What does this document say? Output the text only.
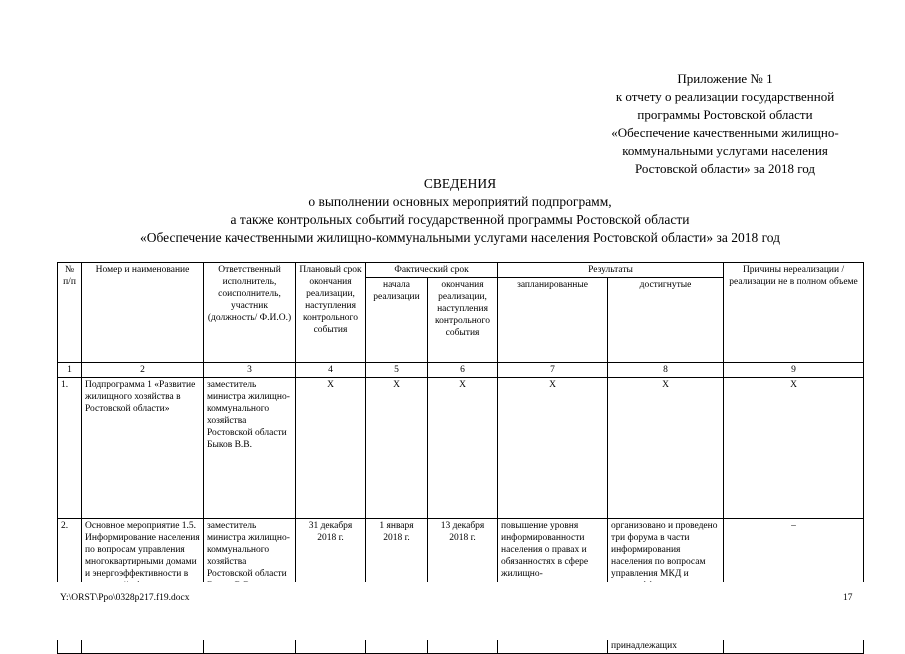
Приложение № 1
к отчету о реализации государственной
программы Ростовской области
«Обеспечение качественными жилищно-
коммунальными услугами населения
Ростовской области» за 2018 год
СВЕДЕНИЯ
о выполнении основных мероприятий подпрограмм,
а также контрольных событий государственной программы Ростовской области
«Обеспечение качественными жилищно-коммунальными услугами населения Ростовской области» за 2018 год
№ п/п	Номер и наименование	Ответственный исполнитель, соисполнитель, участник (должность/ Ф.И.О.)	Плановый срок окончания реализации, наступления контрольного события	Фактический срок		Результаты		Причины нереализации / реализации не в полном объеме
				начала реализации	окончания реализации, наступления контрольного события	запланированные	достигнутые	
1	2	3	4	5	6	7	8	9
1.	Подпрограмма 1 «Развитие жилищного хозяйства в Ростовской области»	заместитель министра жилищно-коммунального хозяйства Ростовской области Быков В.В.	X	X	X	X	X	X
2.	Основное мероприятие 1.5. Информирование населения по вопросам управления многоквартирными домами и энергоэффективности в	заместитель министра жилищно-коммунального хозяйства Ростовской области	31 декабря 2018 г.	1 января 2018 г.	13 декабря 2018 г.	повышение уровня информированности населения о правах и обязанностях в сфере жилищно-	организовано и проведено три форума в части информирования населения по вопросам управления МКД и принадлежащих	–
Y:\ORST\Ppo\0328p217.f19.docx	17
